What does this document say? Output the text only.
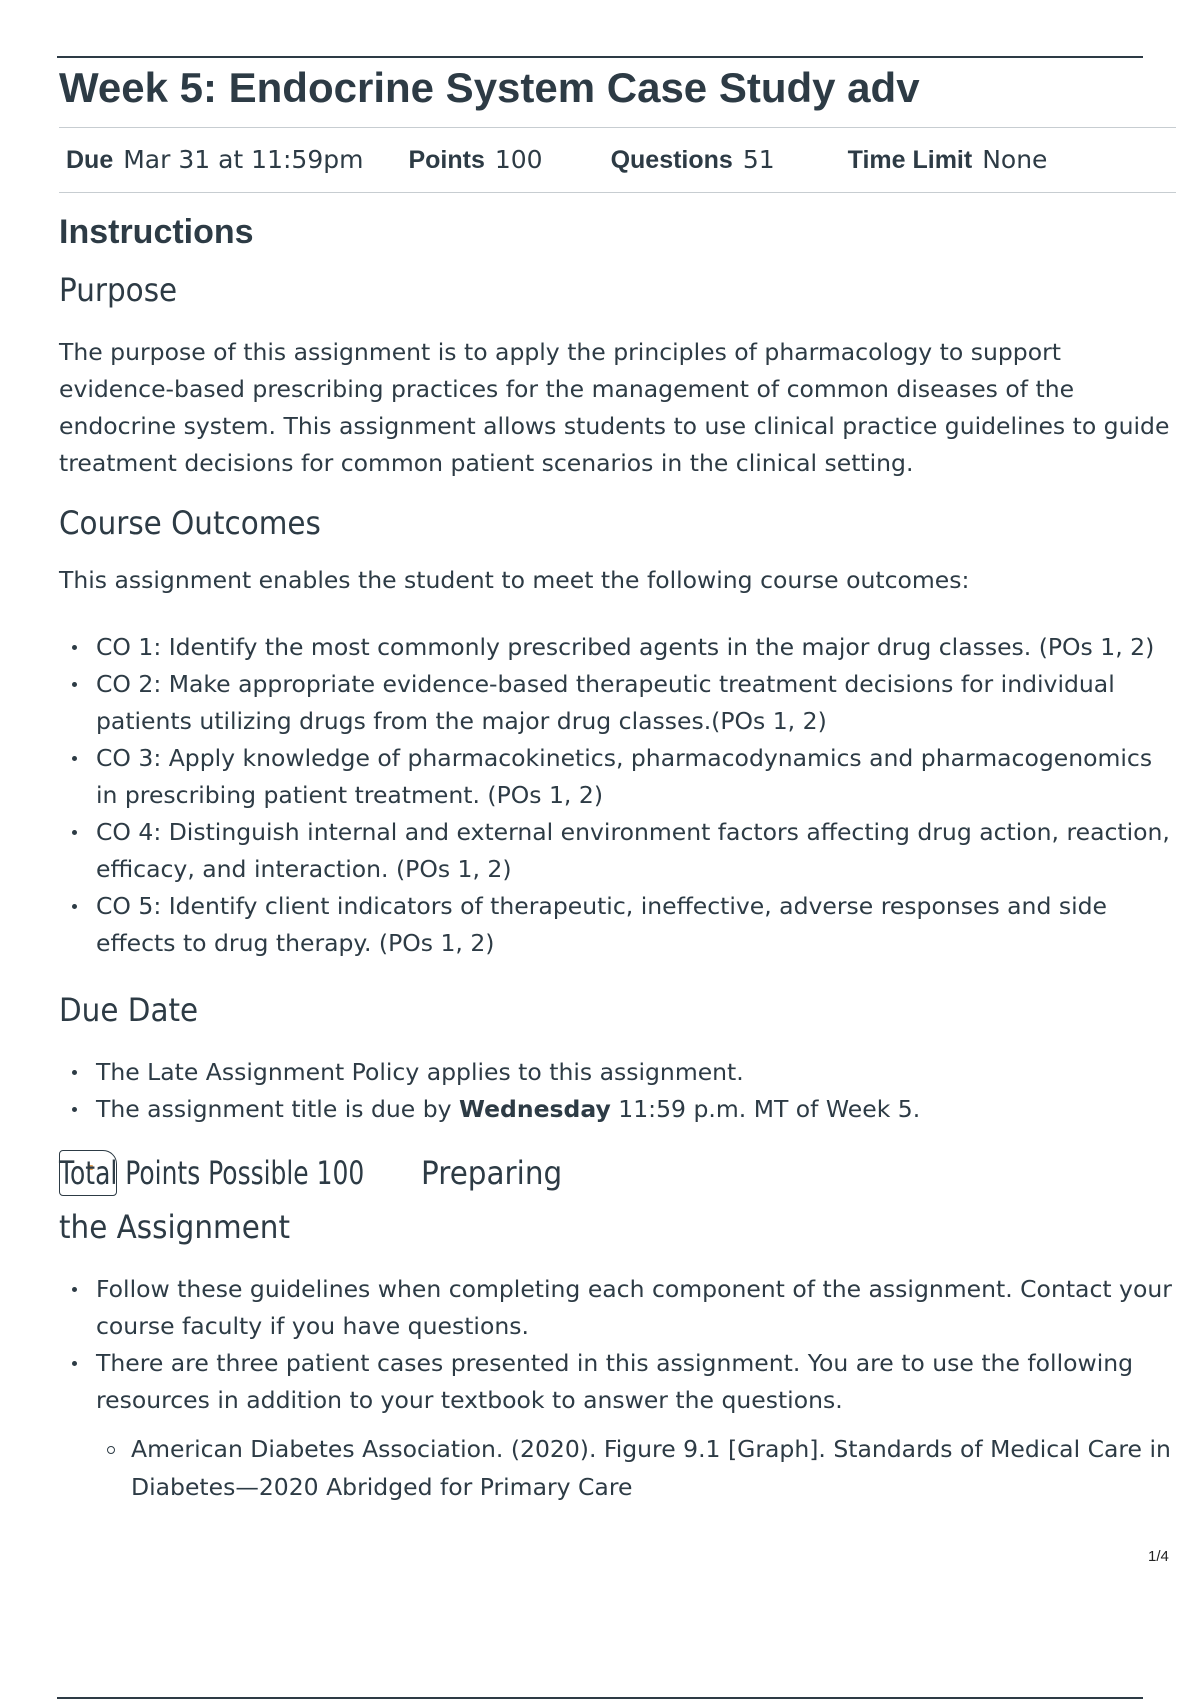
Week 5: Endocrine System Case Study adv
Due Mar 31 at 11:59pm Points 100	Questions 51	Time Limit None
Instructions
Purpose

The purpose of this assignment is to apply the principles of pharmacology to support evidence-based prescribing practices for the management of common diseases of the endocrine system. This assignment allows students to use clinical practice guidelines to guide treatment decisions for common patient scenarios in the clinical setting.

Course Outcomes

This assignment enables the student to meet the following course outcomes:

CO 1: Identify the most commonly prescribed agents in the major drug classes. (POs 1, 2)
CO 2: Make appropriate evidence-based therapeutic treatment decisions for individual patients utilizing drugs from the major drug classes.(POs 1, 2)
CO 3: Apply knowledge of pharmacokinetics, pharmacodynamics and pharmacogenomics in prescribing patient treatment. (POs 1, 2)
CO 4: Distinguish internal and external environment factors affecting drug action, reaction, efficacy, and interaction. (POs 1, 2)
CO 5: Identify client indicators of therapeutic, ineffective, adverse responses and side effects to drug therapy. (POs 1, 2)
Due Date
The Late Assignment Policy applies to this assignment.
The assignment title is due by Wednesday 11:59 p.m. MT of Week 5.
Total Points Possible 100 Preparing
the Assignment
Follow these guidelines when completing each component of the assignment. Contact your course faculty if you have questions.
There are three patient cases presented in this assignment. You are to use the following resources in addition to your textbook to answer the questions.
American Diabetes Association. (2020). Figure 9.1 [Graph]. Standards of Medical Care in Diabetes—2020 Abridged for Primary Care
1/4
